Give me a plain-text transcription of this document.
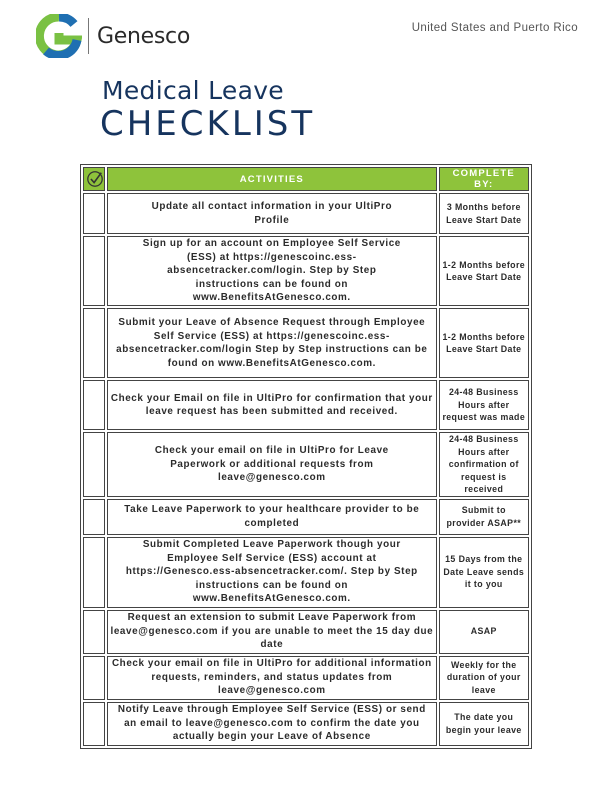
Genesco	United States and Puerto Rico
Medical Leave
CHECKLIST
	ACTIVITIES	COMPLETE BY:
	Update all contact information in your UltiPro Profile	3 Months before Leave Start Date
	Sign up for an account on Employee Self Service (ESS) at https://genescoinc.ess-absencetracker.com/login. Step by Step instructions can be found on www.BenefitsAtGenesco.com.	1-2 Months before Leave Start Date
	Submit your Leave of Absence Request through Employee Self Service (ESS) at https://genescoinc.ess-absencetracker.com/login Step by Step instructions can be found on www.BenefitsAtGenesco.com.	1-2 Months before Leave Start Date
	Check your Email on file in UltiPro for confirmation that your leave request has been submitted and received.	24-48 Business Hours after request was made
	Check your email on file in UltiPro for Leave Paperwork or additional requests from leave@genesco.com	24-48 Business Hours after confirmation of request is received
	Take Leave Paperwork to your healthcare provider to be completed	Submit to provider ASAP**
	Submit Completed Leave Paperwork though your Employee Self Service (ESS) account at https://Genesco.ess-absencetracker.com/. Step by Step instructions can be found on www.BenefitsAtGenesco.com.	15 Days from the Date Leave sends it to you
	Request an extension to submit Leave Paperwork from leave@genesco.com if you are unable to meet the 15 day due date	ASAP
	Check your email on file in UltiPro for additional information requests, reminders, and status updates from leave@genesco.com	Weekly for the duration of your leave
	Notify Leave through Employee Self Service (ESS) or send an email to leave@genesco.com to confirm the date you actually begin your Leave of Absence	The date you begin your leave
